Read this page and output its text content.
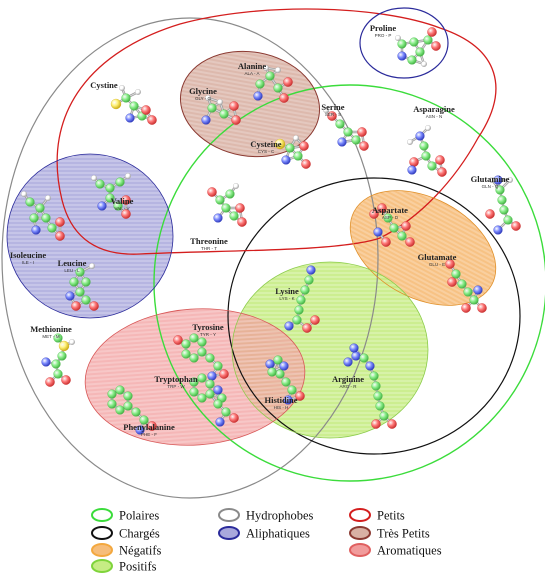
Proline
PRO - P
Alanine
ALA - A
Glycine
GLY - G
Cystine
Cysteine
CYS - C
Serine
SER - S
Asparagine
ASN - N
Glutamine
GLN - Q
Aspartate
ASP - D
Glutamate
GLU - E
Valine
VAL - V
Isoleucine
ILE - I	Leucine
LEU - L
Threonine
THR - T
Lysine
LYS - K
Methionine
MET - M
Tyrosine
TYR - Y
Tryptophan
TRP - W
Histidine
HIS - H
Arginine
ARG - R
Phenylalanine
PHE - F
Polaires
Chargés
Négatifs
Positifs
Hydrophobes
Aliphatiques
Petits
Très Petits
Aromatiques
